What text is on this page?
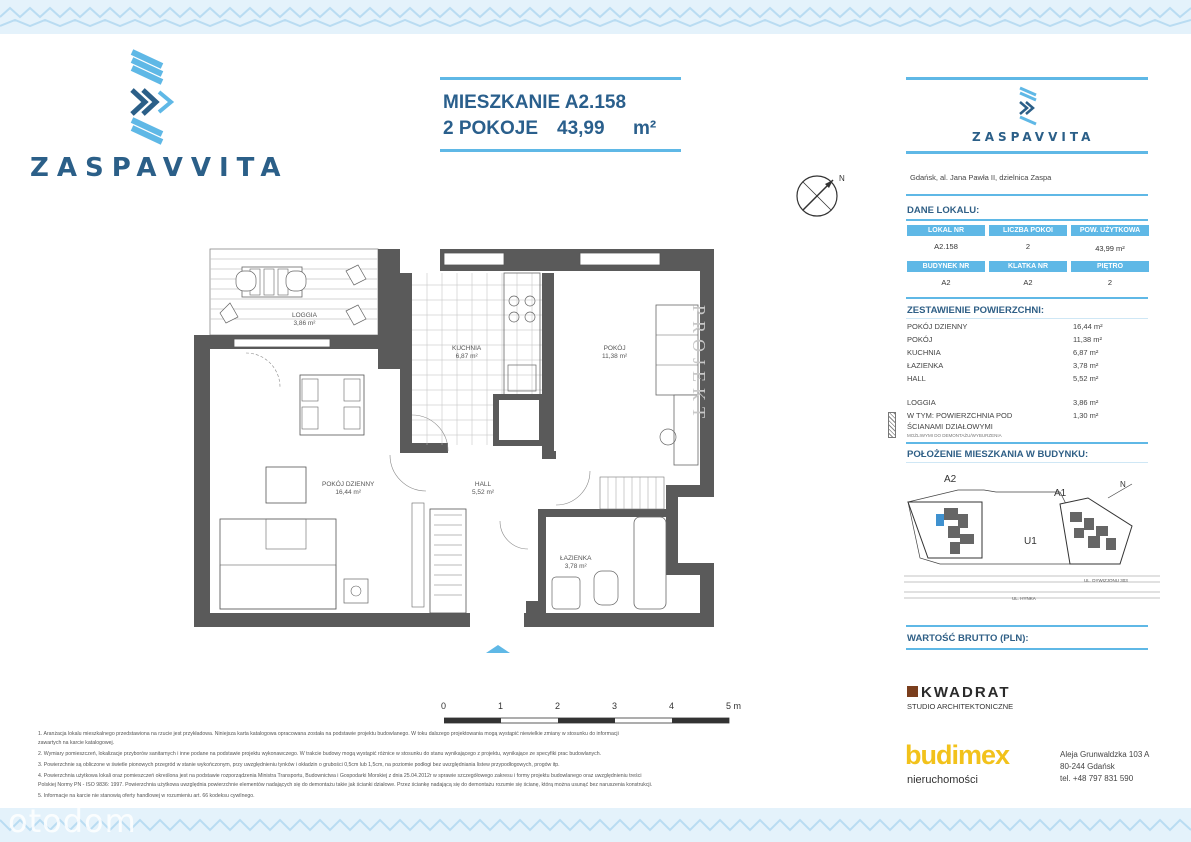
ZASPAVVITA
MIESZKANIE A2.158
2 POKOJE 43,99 m²
N
LOGGIA
3,86 m²
KUCHNIA
6,87 m²
POKÓJ
11,38 m²
POKÓJ DZIENNY
16,44 m²
HALL
5,52 m²
ŁAZIENKA
3,78 m²
PROJEKT
0	1	2	3	4	5 m
ZASPAVVITA
Gdańsk, al. Jana Pawła II, dzielnica Zaspa
DANE LOKALU:
LOKAL NR	LICZBA POKOI	POW. UŻYTKOWA
A2.158	2	43,99 m²
BUDYNEK NR	KLATKA NR	PIĘTRO
A2	A2	2
ZESTAWIENIE POWIERZCHNI:
POKÓJ DZIENNY	16,44 m²
POKÓJ	11,38 m²
KUCHNIA	6,87 m²
ŁAZIENKA	3,78 m²
HALL	5,52 m²
LOGGIA	3,86 m²
W TYM: POWIERZCHNIA POD	1,30 m²
ŚCIANAMI DZIAŁOWYMI
MOŻLIWYMI DO DEMONTAŻU/WYBURZENIA
POŁOŻENIE MIESZKANIA W BUDYNKU:
A2
A1
U1
N
UL. DYWIZJONU 303
UL. HYNKA
WARTOŚĆ BRUTTO (PLN):
KWADRAT
STUDIO ARCHITEKTONICZNE
budimex
nieruchomości
Aleja Grunwaldzka 103 A
80-244 Gdańsk
tel. +48 797 831 590
1. Aranżacja lokalu mieszkalnego przedstawiona na rzucie jest przykładowa. Niniejsza karta katalogowa opracowana została na podstawie projektu budowlanego. W toku dalszego projektowania mogą wystąpić niewielkie zmiany w stosunku do informacji
zawartych na karcie katalogowej.
2. Wymiary pomieszczeń, lokalizacje przyborów sanitarnych i inne podane na podstawie projektu wykonawczego. W trakcie budowy mogą wystąpić różnice w stosunku do stanu wynikającego z projektu, wynikające ze specyfiki prac budowlanych.
3. Powierzchnie są obliczone w świetle pionowych przegród w stanie wykończonym, przy uwzględnieniu tynków i okładzin o grubości 0,5cm lub 1,5cm, na poziomie podłogi bez uwzględniania listew przypodłogowych, progów itp.
4. Powierzchnia użytkowa lokali oraz pomieszczeń określona jest na podstawie rozporządzenia Ministra Transportu, Budownictwa i Gospodarki Morskiej z dnia 25.04.2012r w sprawie szczegółowego zakresu i formy projektu budowlanego oraz uwzględnieniu treści
Polskiej Normy PN - ISO 9836: 1997. Powierzchnia użytkowa uwzględnia powierzchnie elementów nadających się do demontażu takie jak ścianki działowe. Przez ściankę nadającą się do demontażu rozumie się ścianę, którą można usunąć bez naruszenia konstrukcji.
5. Informacje na karcie nie stanowią oferty handlowej w rozumieniu art. 66 kodeksu cywilnego.
otodom
